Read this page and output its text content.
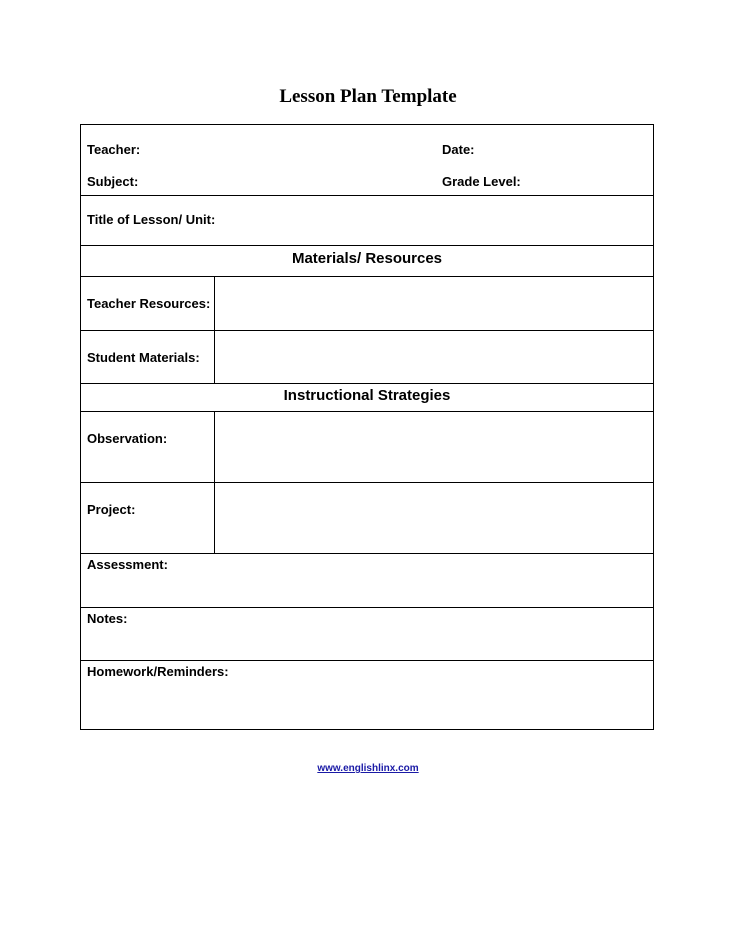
Lesson Plan Template
Teacher:	Date:
Subject:	Grade Level:
Title of Lesson/ Unit:
Materials/ Resources
Teacher Resources:
Student Materials:
Instructional Strategies
Observation:
Project:
Assessment:
Notes:
Homework/Reminders:
www.englishlinx.com
